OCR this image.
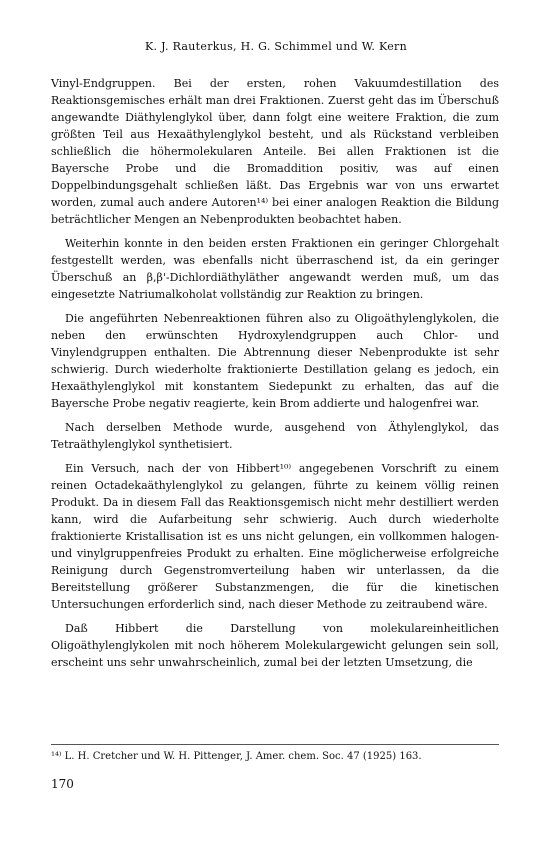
K. J. Rauterkus, H. G. Schimmel und W. Kern

Vinyl-Endgruppen. Bei der ersten, rohen Vakuumdestillation des Reaktionsgemisches erhält man drei Fraktionen. Zuerst geht das im Überschuß angewandte Diäthylenglykol über, dann folgt eine weitere Fraktion, die zum größten Teil aus Hexaäthylenglykol besteht, und als Rückstand verbleiben schließlich die höhermolekularen Anteile. Bei allen Fraktionen ist die Bayersche Probe und die Bromaddition positiv, was auf einen Doppelbindungsgehalt schließen läßt. Das Ergebnis war von uns erwartet worden, zumal auch andere Autoren¹⁴⁾ bei einer analogen Reaktion die Bildung beträchtlicher Mengen an Nebenprodukten beobachtet haben.

Weiterhin konnte in den beiden ersten Fraktionen ein geringer Chlorgehalt festgestellt werden, was ebenfalls nicht überraschend ist, da ein geringer Überschuß an β,β'-Dichlordiäthyläther angewandt werden muß, um das eingesetzte Natriumalkoholat vollständig zur Reaktion zu bringen.

Die angeführten Nebenreaktionen führen also zu Oligoäthylenglykolen, die neben den erwünschten Hydroxylendgruppen auch Chlor- und Vinylendgruppen enthalten. Die Abtrennung dieser Nebenprodukte ist sehr schwierig. Durch wiederholte fraktionierte Destillation gelang es jedoch, ein Hexaäthylenglykol mit konstantem Siedepunkt zu erhalten, das auf die Bayersche Probe negativ reagierte, kein Brom addierte und halogenfrei war.

Nach derselben Methode wurde, ausgehend von Äthylenglykol, das Tetraäthylenglykol synthetisiert.

Ein Versuch, nach der von Hibbert¹⁰⁾ angegebenen Vorschrift zu einem reinen Octadekaäthylenglykol zu gelangen, führte zu keinem völlig reinen Produkt. Da in diesem Fall das Reaktionsgemisch nicht mehr destilliert werden kann, wird die Aufarbeitung sehr schwierig. Auch durch wiederholte fraktionierte Kristallisation ist es uns nicht gelungen, ein vollkommen halogen- und vinylgruppenfreies Produkt zu erhalten. Eine möglicherweise erfolgreiche Reinigung durch Gegenstromverteilung haben wir unterlassen, da die Bereitstellung größerer Substanzmengen, die für die kinetischen Untersuchungen erforderlich sind, nach dieser Methode zu zeitraubend wäre.

Daß Hibbert die Darstellung von molekulareinheitlichen Oligoäthylenglykolen mit noch höherem Molekulargewicht gelungen sein soll, erscheint uns sehr unwahrscheinlich, zumal bei der letzten Umsetzung, die

¹⁴⁾ L. H. Cretcher und W. H. Pittenger, J. Amer. chem. Soc. 47 (1925) 163.
170
